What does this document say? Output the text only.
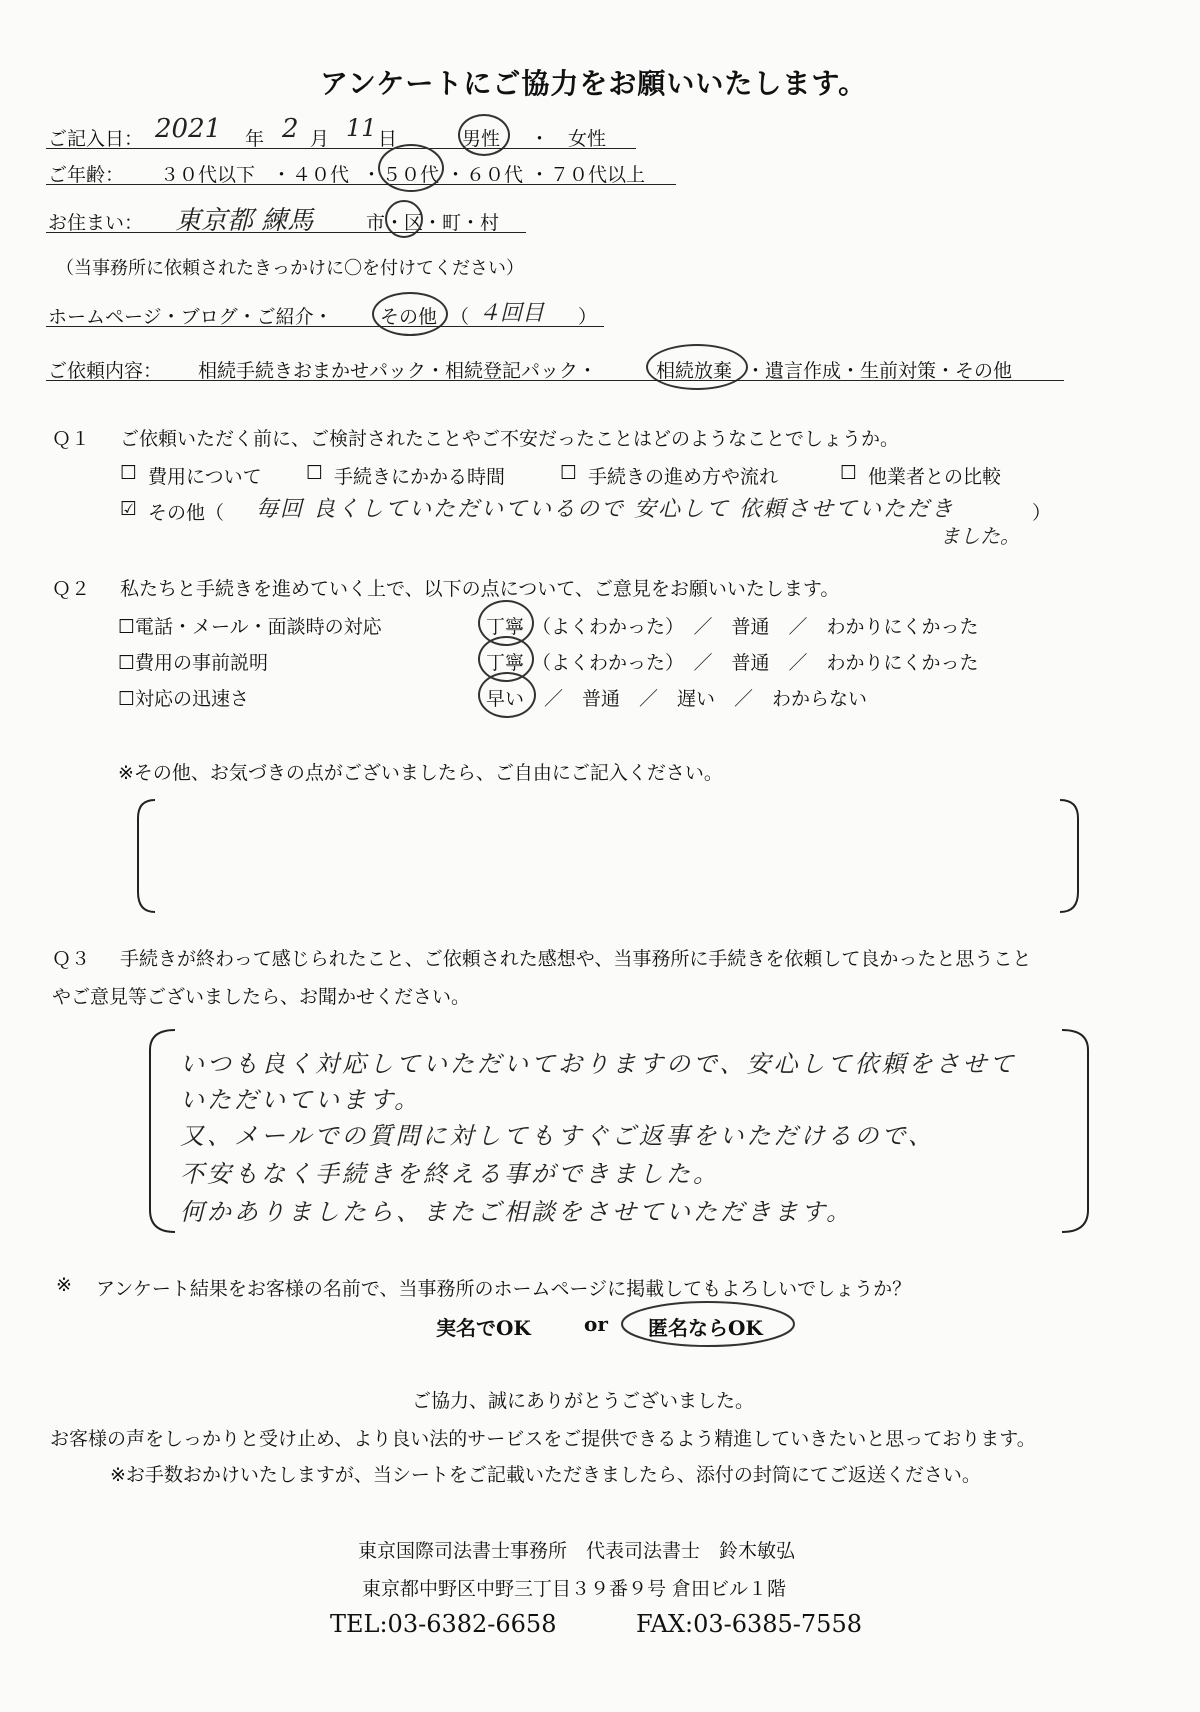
アンケートにご協力をお願いいたします。
ご記入日： 2021 年 2 月 11 日	男性 ・ 女性
ご年齢： ３０代以下 ・ ４０代 ・ ５０代 ・ ６０代 ・ ７０代以上
お住まい： 東京都 練馬	市・区・町・村
（当事務所に依頼されたきっかけに〇を付けてください）
ホームページ・ブログ・ご紹介・ その他 （ ４回目 ）
ご依頼内容： 相続手続きおまかせパック・相続登記パック・	相続放棄 ・遺言作成・生前対策・その他
Ｑ１ ご依頼いただく前に、ご検討されたことやご不安だったことはどのようなことでしょうか。
☐ 費用について ☐ 手続きにかかる時間	☐ 手続きの進め方や流れ	☐ 他業者との比較
☑ その他（ 毎回 良くしていただいているので 安心して 依頼させていただき	）
ました。
Ｑ２ 私たちと手続きを進めていく上で、以下の点について、ご意見をお願いいたします。
☐電話・メール・面談時の対応	丁寧 （よくわかった）　／　普通　／　わかりにくかった
☐費用の事前説明	丁寧 （よくわかった）　／　普通　／　わかりにくかった
☐対応の迅速さ	早い ／　普通　／　遅い　／　わからない
※その他、お気づきの点がございましたら、ご自由にご記入ください。
Ｑ３ 手続きが終わって感じられたこと、ご依頼された感想や、当事務所に手続きを依頼して良かったと思うこと
やご意見等ございましたら、お聞かせください。
いつも良く対応していただいておりますので、安心して依頼をさせて
いただいています。
又、メールでの質問に対してもすぐご返事をいただけるので、
不安もなく手続きを終える事ができました。
何かありましたら、またご相談をさせていただきます。
※ アンケート結果をお客様の名前で、当事務所のホームページに掲載してもよろしいでしょうか？
実名でOK	or 匿名ならOK
ご協力、誠にありがとうございました。
お客様の声をしっかりと受け止め、より良い法的サービスをご提供できるよう精進していきたいと思っております。
※お手数おかけいたしますが、当シートをご記載いただきましたら、添付の封筒にてご返送ください。
東京国際司法書士事務所　代表司法書士　鈴木敏弘
東京都中野区中野三丁目３９番９号 倉田ビル１階
TEL:03-6382-6658	FAX:03-6385-7558
